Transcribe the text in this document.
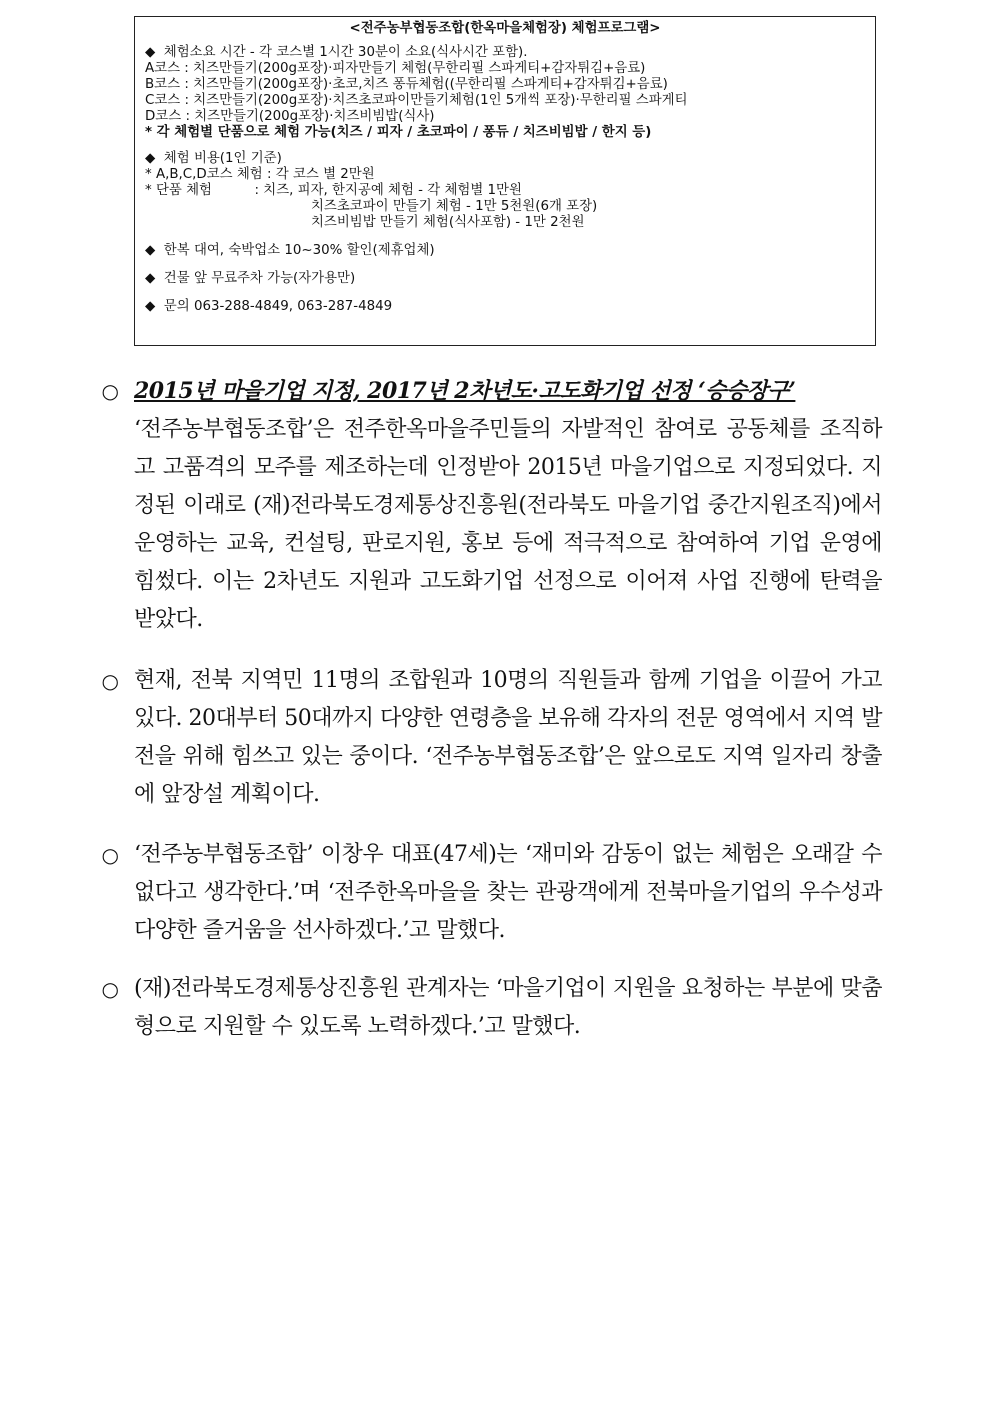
<전주농부협동조합(한옥마을체험장) 체험프로그램>
◆  체험소요 시간 - 각 코스별 1시간 30분이 소요(식사시간 포함).
A코스 : 치즈만들기(200g포장)·피자만들기 체험(무한리필 스파게티+감자튀김+음료)
B코스 : 치즈만들기(200g포장)·초코,치즈 퐁듀체험((무한리필 스파게티+감자튀김+음료)
C코스 : 치즈만들기(200g포장)·치즈초코파이만들기체험(1인 5개씩 포장)·무한리필 스파게티
D코스 : 치즈만들기(200g포장)·치즈비빔밥(식사)
* 각 체험별 단품으로 체험 가능(치즈 / 피자 / 초코파이 / 퐁듀 / 치즈비빔밥 / 한지 등)
◆  체험 비용(1인 기준)
* A,B,C,D코스 체험 : 각 코스 별 2만원
* 단품 체험          : 치즈, 피자, 한지공예 체험 - 각 체험별 1만원
치즈초코파이 만들기 체험 - 1만 5천원(6개 포장)
치즈비빔밥 만들기 체험(식사포함) - 1만 2천원
◆  한복 대여, 숙박업소 10~30% 할인(제휴업체)
◆  건물 앞 무료주차 가능(자가용만)
◆  문의 063-288-4849, 063-287-4849
○ 2015년 마을기업 지정, 2017년 2차년도·고도화기업 선정 ‘승승장구’
‘전주농부협동조합’은 전주한옥마을주민들의 자발적인 참여로 공동체를 조직하고 고품격의 모주를 제조하는데 인정받아 2015년 마을기업으로 지정되었다. 지정된 이래로 (재)전라북도경제통상진흥원(전라북도 마을기업 중간지원조직)에서 운영하는 교육, 컨설팅, 판로지원, 홍보 등에 적극적으로 참여하여 기업 운영에 힘썼다. 이는 2차년도 지원과 고도화기업 선정으로 이어져 사업 진행에 탄력을 받았다.
○ 현재, 전북 지역민 11명의 조합원과 10명의 직원들과 함께 기업을 이끌어 가고 있다. 20대부터 50대까지 다양한 연령층을 보유해 각자의 전문 영역에서 지역 발전을 위해 힘쓰고 있는 중이다. ‘전주농부협동조합’은 앞으로도 지역 일자리 창출에 앞장설 계획이다.
○ ‘전주농부협동조합’ 이창우 대표(47세)는 ‘재미와 감동이 없는 체험은 오래갈 수 없다고 생각한다.’며 ‘전주한옥마을을 찾는 관광객에게 전북마을기업의 우수성과 다양한 즐거움을 선사하겠다.’고 말했다.
○ (재)전라북도경제통상진흥원 관계자는 ‘마을기업이 지원을 요청하는 부분에 맞춤형으로 지원할 수 있도록 노력하겠다.’고 말했다.
